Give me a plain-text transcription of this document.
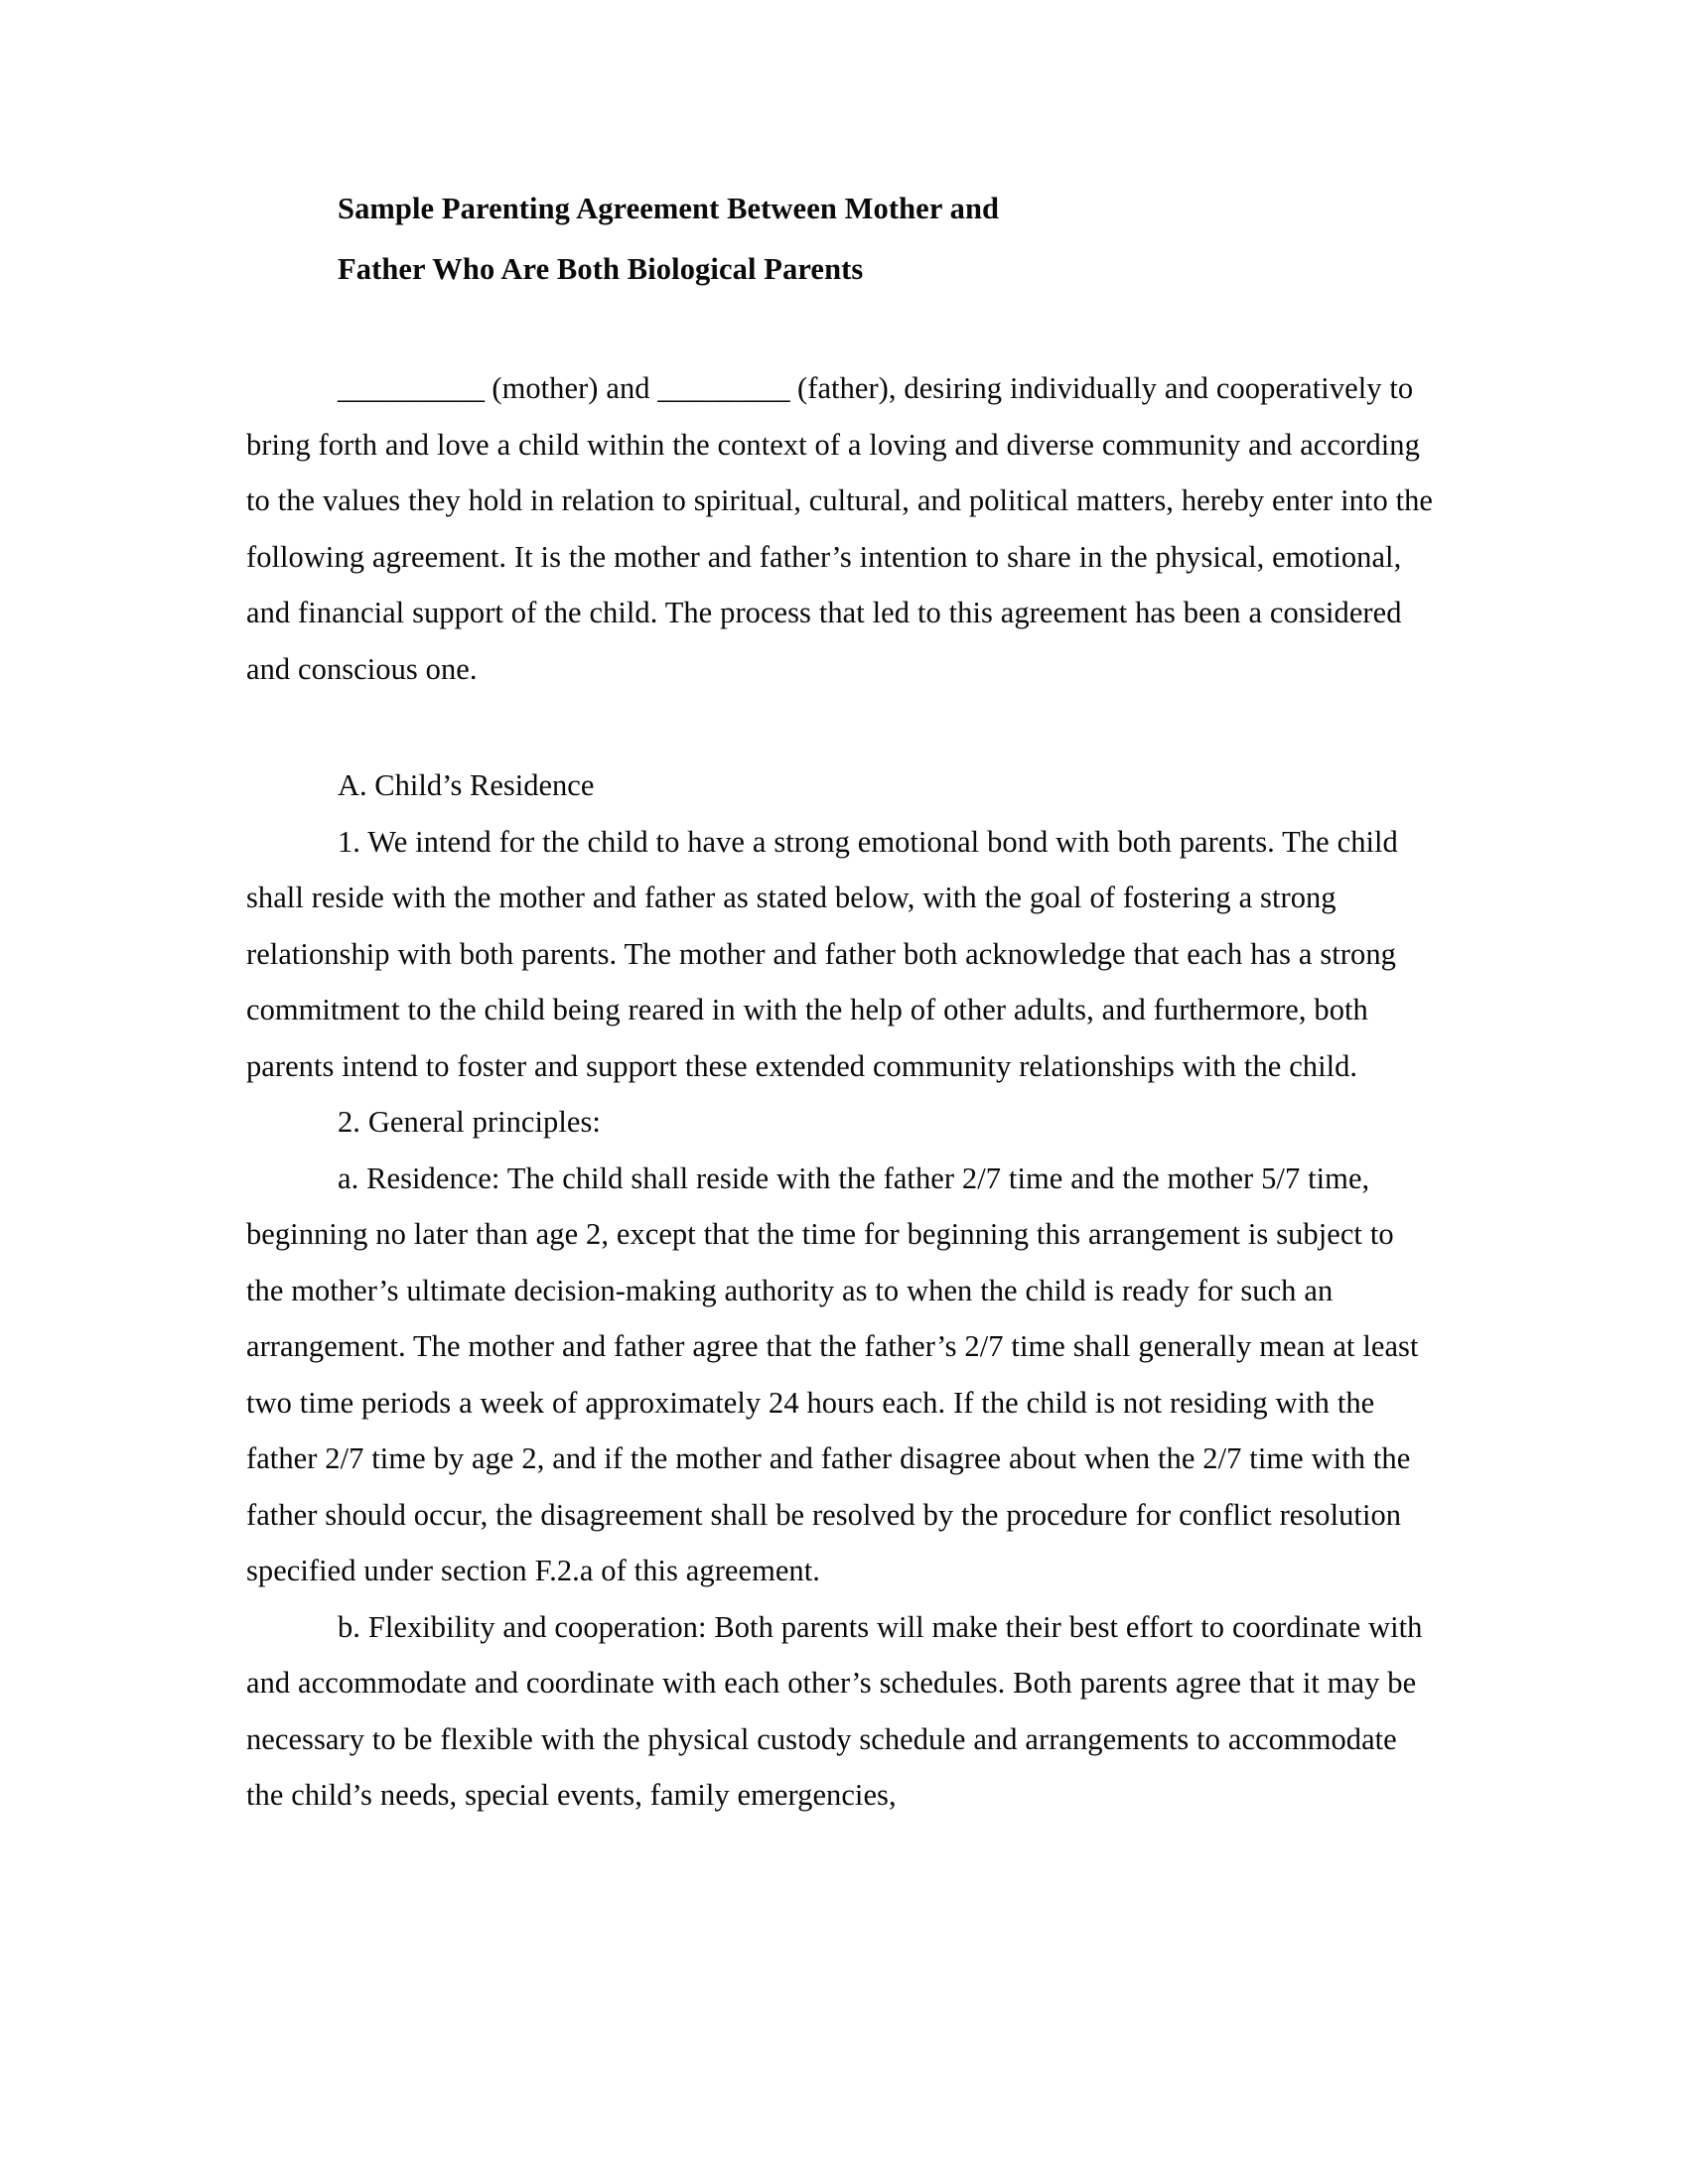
Sample Parenting Agreement Between Mother and
Father Who Are Both Biological Parents

__________ (mother) and _________ (father), desiring individually and cooperatively to bring forth and love a child within the context of a loving and diverse community and according to the values they hold in relation to spiritual, cultural, and political matters, hereby enter into the following agreement. It is the mother and father’s intention to share in the physical, emotional, and financial support of the child. The process that led to this agreement has been a considered and conscious one.

A. Child’s Residence

1. We intend for the child to have a strong emotional bond with both parents. The child shall reside with the mother and father as stated below, with the goal of fostering a strong relationship with both parents. The mother and father both acknowledge that each has a strong commitment to the child being reared in with the help of other adults, and furthermore, both parents intend to foster and support these extended community relationships with the child.

2. General principles:

a. Residence: The child shall reside with the father 2/7 time and the mother 5/7 time, beginning no later than age 2, except that the time for beginning this arrangement is subject to the mother’s ultimate decision-making authority as to when the child is ready for such an arrangement. The mother and father agree that the father’s 2/7 time shall generally mean at least two time periods a week of approximately 24 hours each. If the child is not residing with the father 2/7 time by age 2, and if the mother and father disagree about when the 2/7 time with the father should occur, the disagreement shall be resolved by the procedure for conflict resolution specified under section F.2.a of this agreement.

b. Flexibility and cooperation: Both parents will make their best effort to coordinate with and accommodate and coordinate with each other’s schedules. Both parents agree that it may be necessary to be flexible with the physical custody schedule and arrangements to accommodate the child’s needs, special events, family emergencies,
